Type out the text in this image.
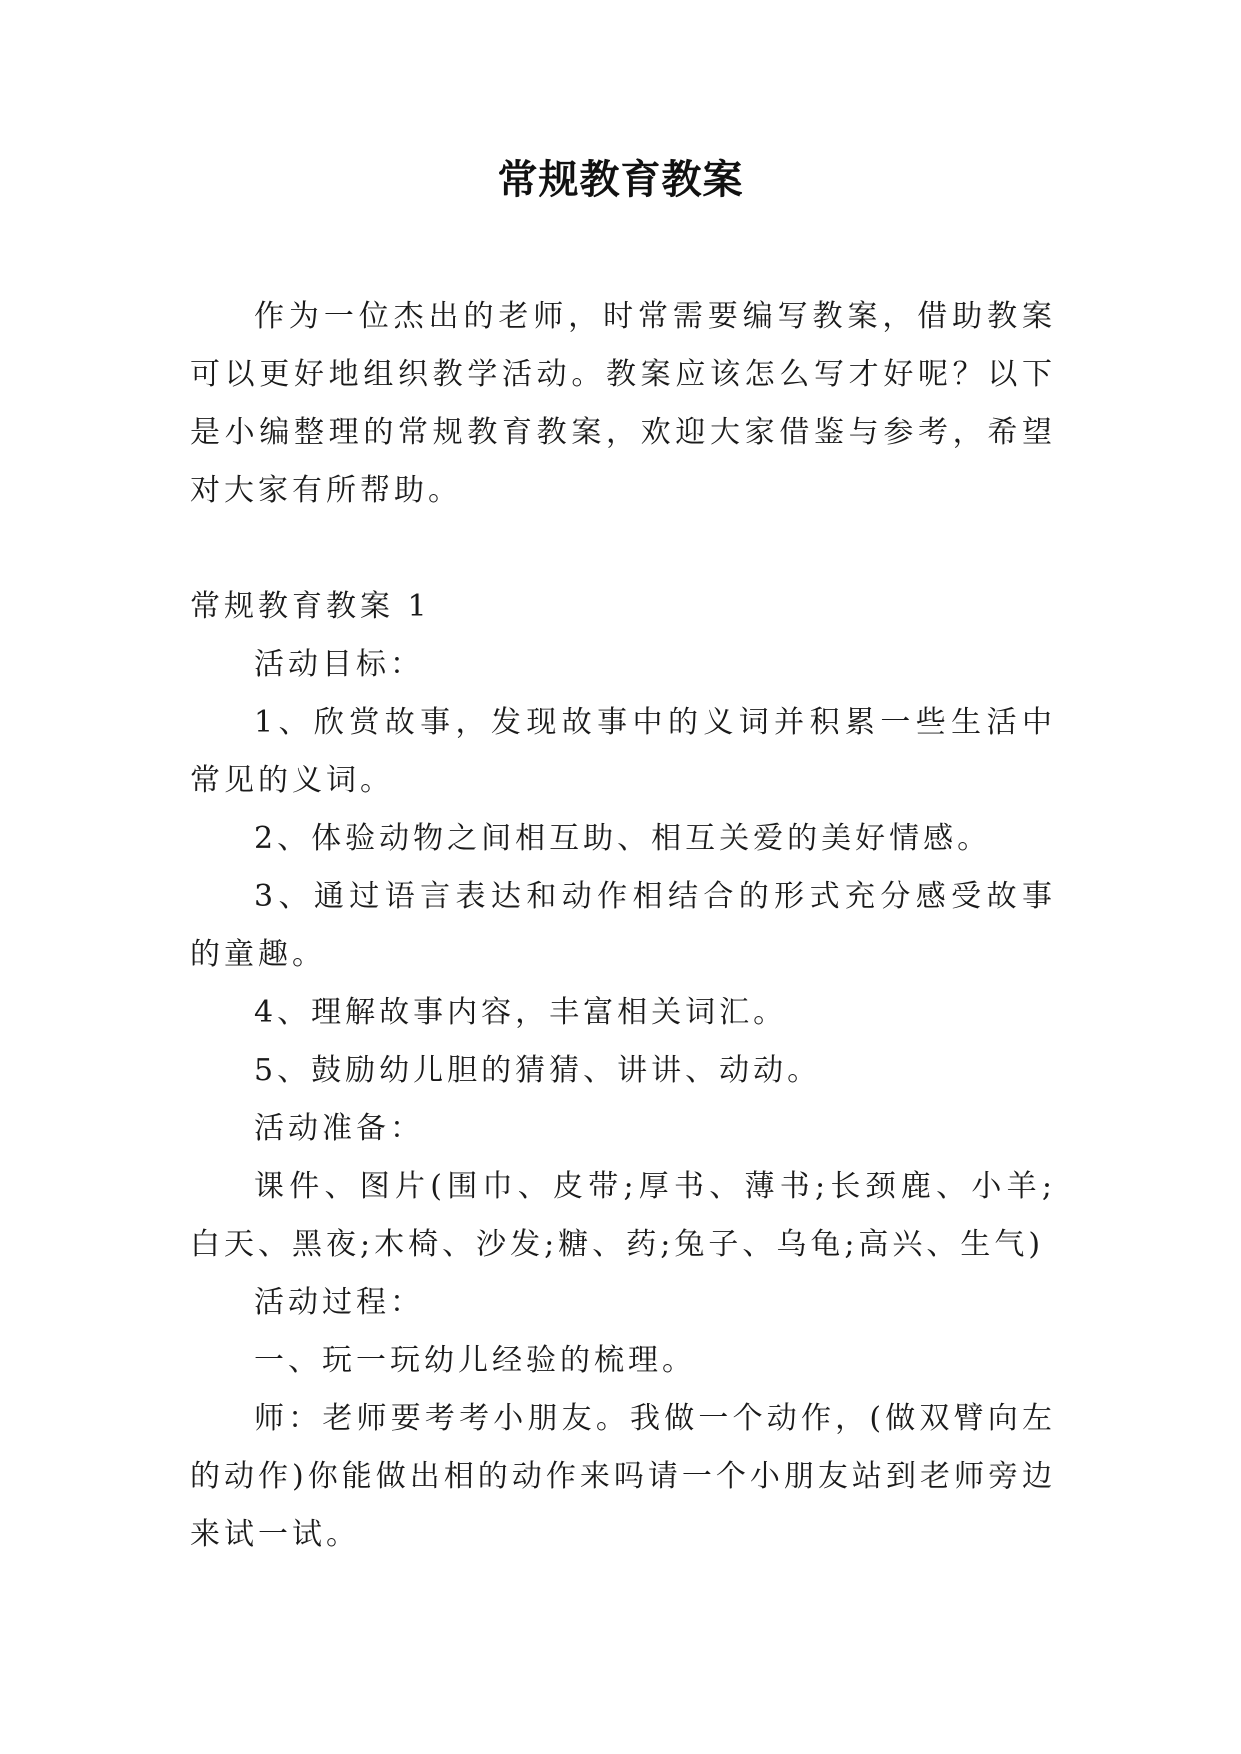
常规教育教案

作为一位杰出的老师，时常需要编写教案，借助教案可以更好地组织教学活动。教案应该怎么写才好呢？以下是小编整理的常规教育教案，欢迎大家借鉴与参考，希望对大家有所帮助。

常规教育教案 1

活动目标：

1、欣赏故事，发现故事中的义词并积累一些生活中常见的义词。

2、体验动物之间相互助、相互关爱的美好情感。

3、通过语言表达和动作相结合的形式充分感受故事的童趣。

4、理解故事内容，丰富相关词汇。

5、鼓励幼儿胆的猜猜、讲讲、动动。

活动准备：

课件、图片(围巾、皮带;厚书、薄书;长颈鹿、小羊;白天、黑夜;木椅、沙发;糖、药;兔子、乌龟;高兴、生气)

活动过程：

一、玩一玩幼儿经验的梳理。

师：老师要考考小朋友。我做一个动作，(做双臂向左的动作)你能做出相的动作来吗请一个小朋友站到老师旁边来试一试。
